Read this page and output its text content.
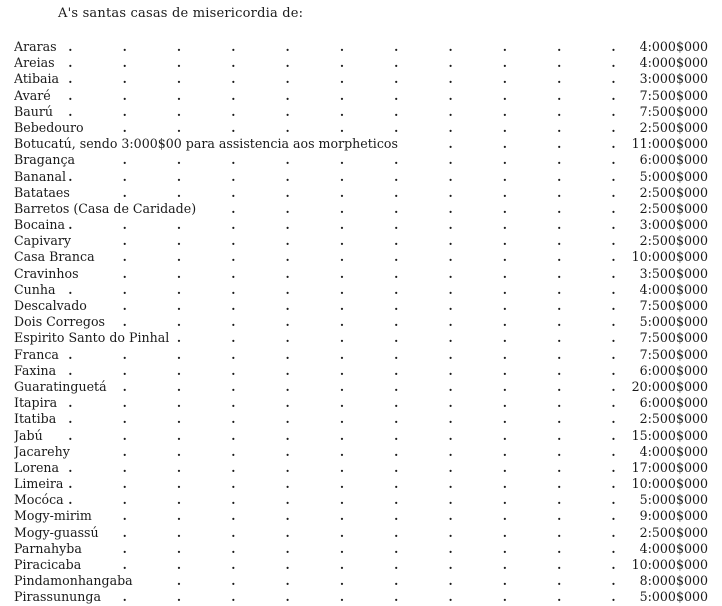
A's santas casas de misericordia de:
Araras .	4:000$000
Areias .	4:000$000
Atibaia .	3:000$000
Avaré .	7:500$000
Baurú .	7:500$000
Bebedouro .	2:500$000
Botucatú, sendo 3:000$00 para assistencia aos morpheticos .	11:000$000
Bragança .	6:000$000
Bananal .	5:000$000
Batataes .	2:500$000
Barretos (Casa de Caridade) .	2:500$000
Bocaina .	3:000$000
Capivary .	2:500$000
Casa Branca .	10:000$000
Cravinhos .	3:500$000
Cunha .	4:000$000
Descalvado .	7:500$000
Dois Corregos .	5:000$000
Espirito Santo do Pinhal .	7:500$000
Franca .	7:500$000
Faxina .	6:000$000
Guaratinguetá .	20:000$000
Itapira .	6:000$000
Itatiba .	2:500$000
Jabú .	15:000$000
Jacarehy .	4:000$000
Lorena .	17:000$000
Limeira .	10:000$000
Mocóca .	5:000$000
Mogy-mirim .	9:000$000
Mogy-guassú .	2:500$000
Parnahyba .	4:000$000
Piracicaba .	10:000$000
Pindamonhangaba .	8:000$000
Pirassununga .	5:000$000
